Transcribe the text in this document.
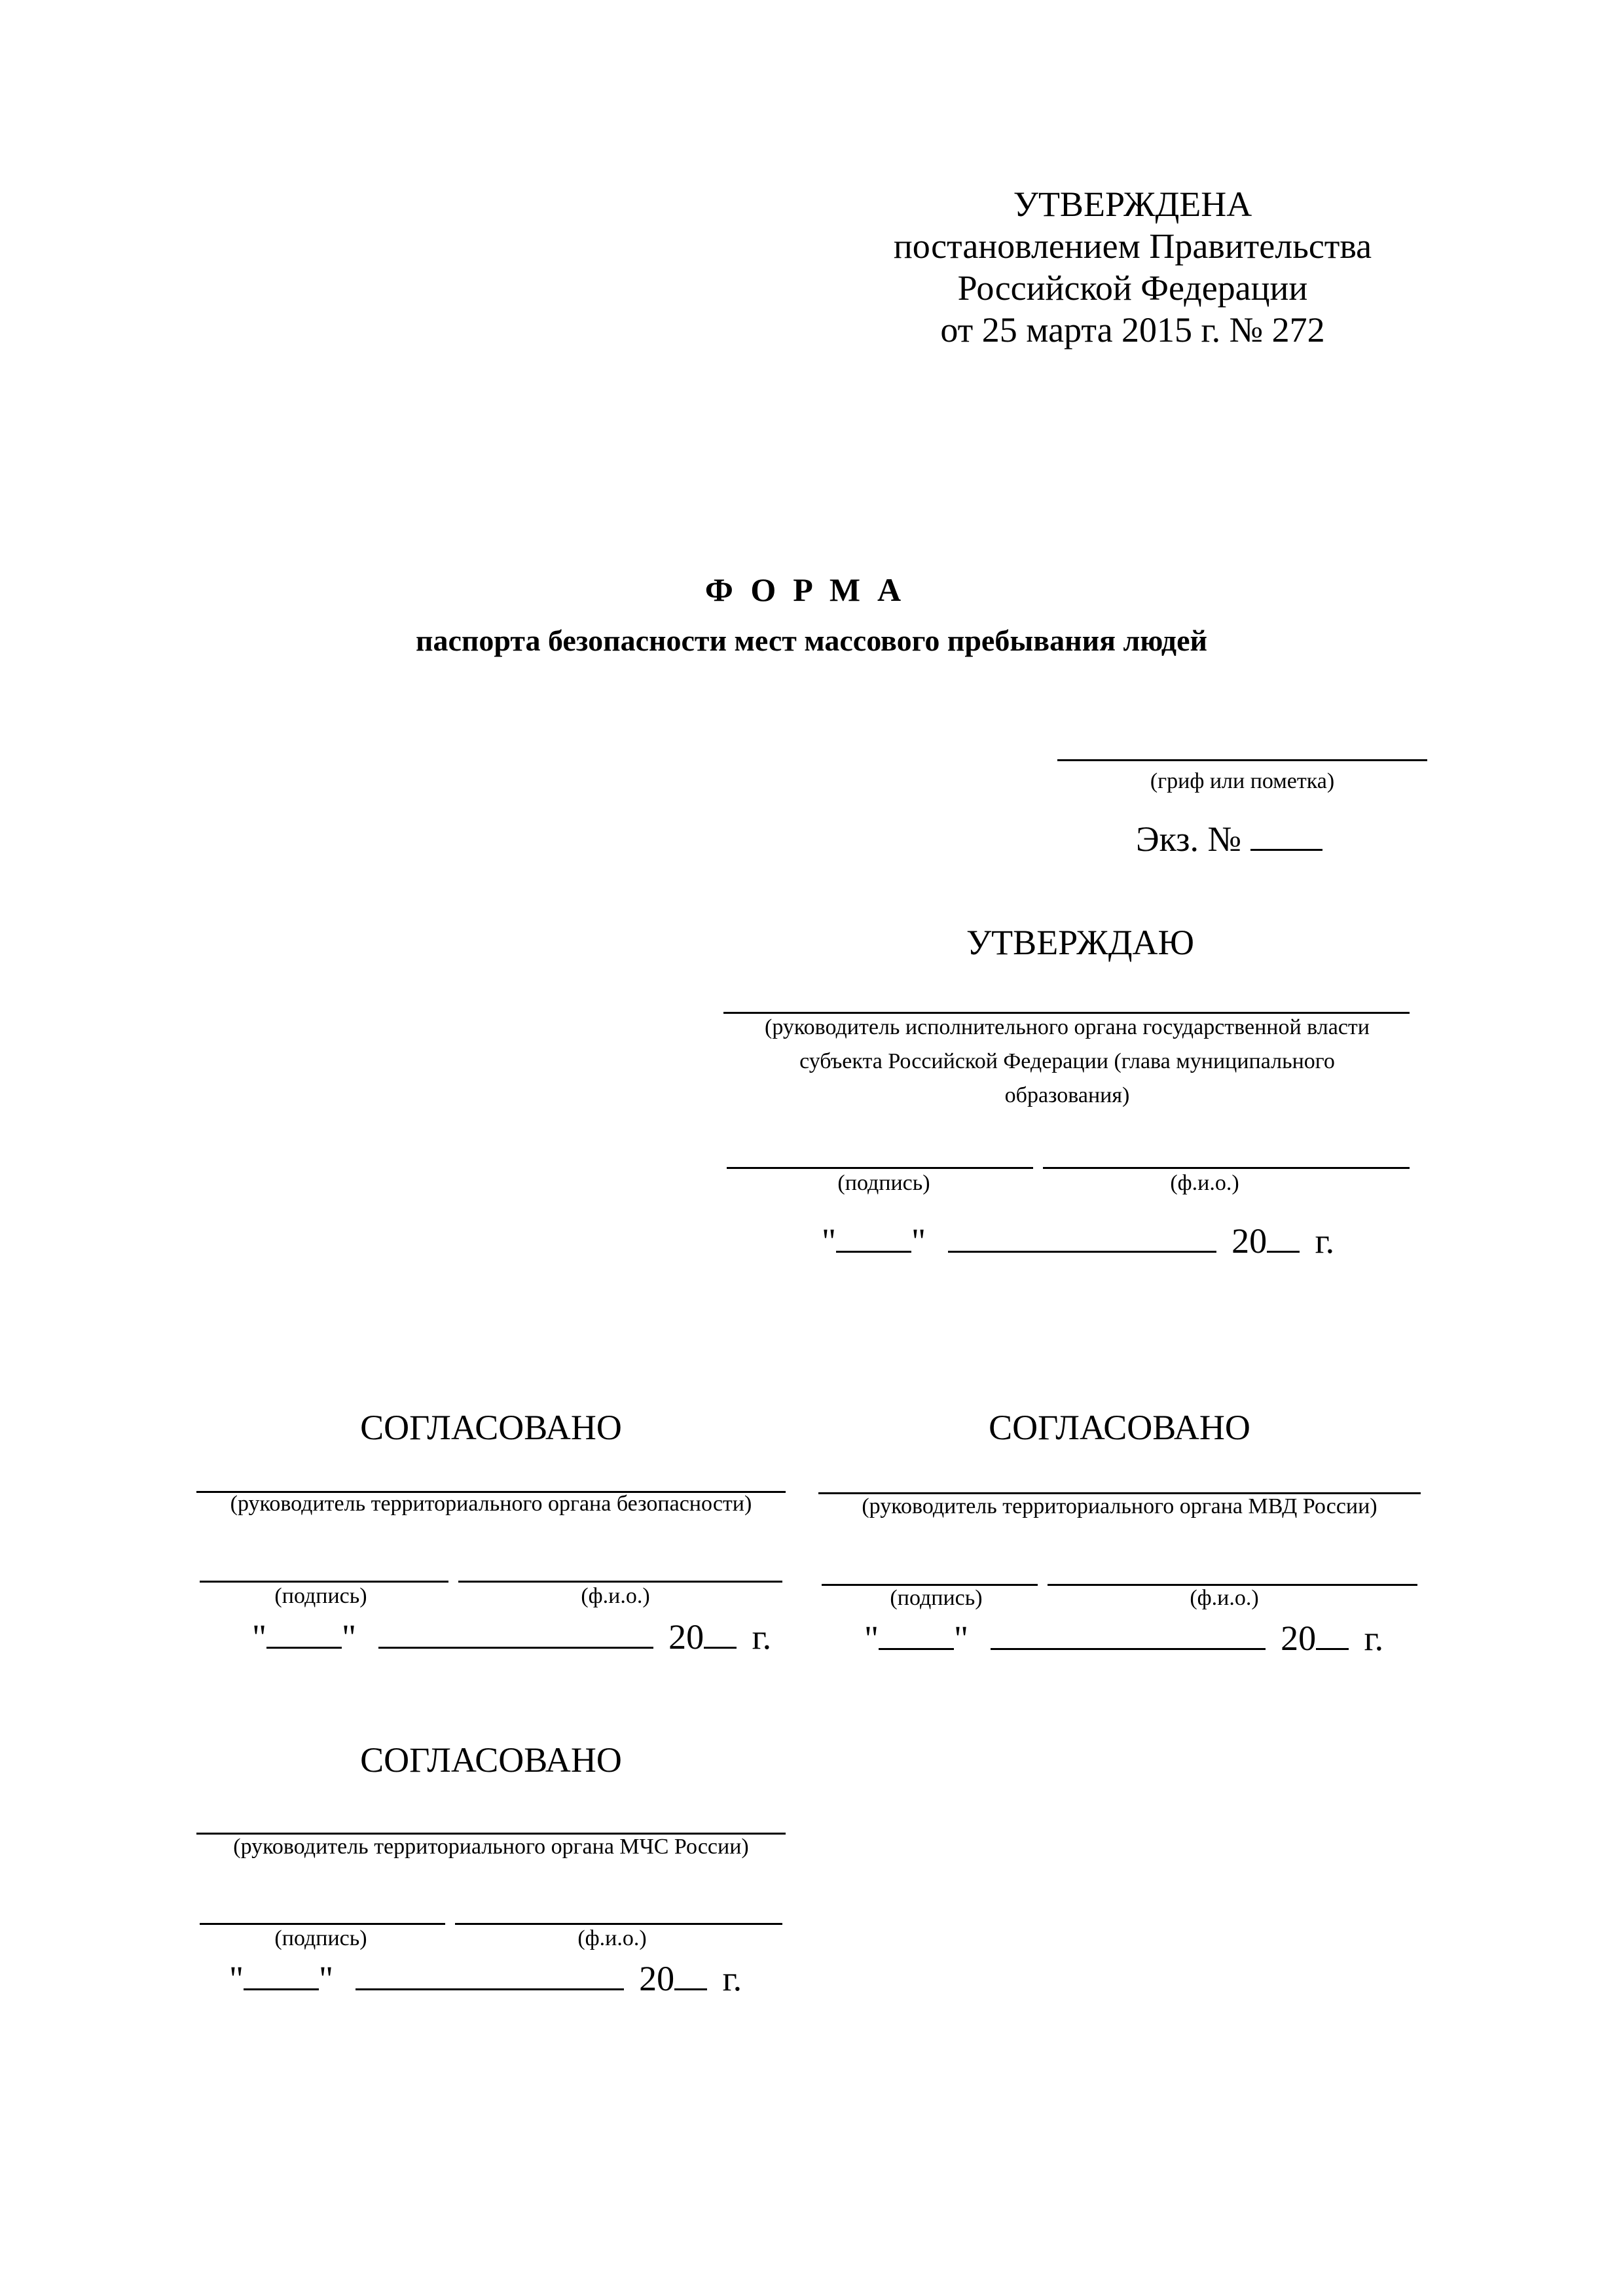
УТВЕРЖДЕНА
постановлением Правительства
Российской Федерации
от 25 марта 2015 г. № 272
ФОРМА
паспорта безопасности мест массового пребывания людей
(гриф или пометка)
Экз. №
УТВЕРЖДАЮ
(руководитель исполнительного органа государственной власти
субъекта Российской Федерации (глава муниципального
образования)
(подпись)	(ф.и.о.)
" "	20 г.
СОГЛАСОВАНО
(руководитель территориального органа безопасности)
(подпись)	(ф.и.о.)
" "	20 г.
СОГЛАСОВАНО
(руководитель территориального органа МВД России)
(подпись)	(ф.и.о.)
" "	20 г.
СОГЛАСОВАНО
(руководитель территориального органа МЧС России)
(подпись)	(ф.и.о.)
" "	20 г.
